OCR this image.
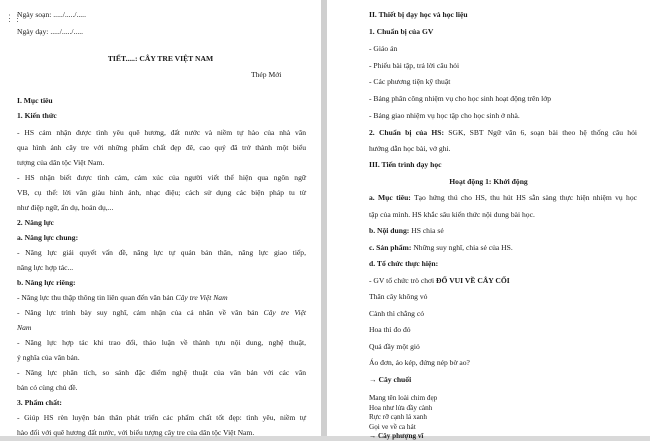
⋮⋮
Ngày soạn: ...../...../.....
Ngày dạy: ...../...../.....
TIẾT.....: CÂY TRE VIỆT NAM
Thép Mới
I. Mục tiêu
1. Kiến thức
- HS cảm nhận được tình yêu quê hương, đất nước và niềm tự hào của nhà văn
qua hình ảnh cây tre với những phẩm chất đẹp đẽ, cao quý đã trở thành một biểu
tượng của dân tộc Việt Nam.
- HS nhận biết được tình cảm, cảm xúc của người viết thể hiện qua ngôn ngữ
VB, cụ thể: lời văn giàu hình ảnh, nhạc điệu; cách sử dụng các biện pháp tu từ
như điệp ngữ, ẩn dụ, hoán dụ,...
2. Năng lực
a. Năng lực chung:
- Năng lực giải quyết vấn đề, năng lực tự quản bản thân, năng lực giao tiếp,
năng lực hợp tác...
b. Năng lực riêng:
- Năng lực thu thập thông tin liên quan đến văn bản Cây tre Việt Nam
- Năng lực trình bày suy nghĩ, cảm nhận của cá nhân về văn bản Cây tre Việt
Nam
- Năng lực hợp tác khi trao đổi, thảo luận về thành tựu nội dung, nghệ thuật,
ý nghĩa của văn bản.
- Năng lực phân tích, so sánh đặc điểm nghệ thuật của văn bản với các văn
bản có cùng chủ đề.
3. Phẩm chất:
- Giúp HS rèn luyện bản thân phát triển các phẩm chất tốt đẹp: tình yêu, niềm tự
hào đối với quê hương đất nước, với biểu tượng cây tre của dân tộc Việt Nam.
II. Thiết bị dạy học và học liệu
1. Chuẩn bị của GV
- Giáo án
- Phiếu bài tập, trả lời câu hỏi
- Các phương tiện kỹ thuật
- Bảng phân công nhiệm vụ cho học sinh hoạt động trên lớp
- Bảng giao nhiệm vụ học tập cho học sinh ở nhà.
2. Chuẩn bị của HS: SGK, SBT Ngữ văn 6, soạn bài theo hệ thống câu hỏi
hướng dẫn học bài, vở ghi.
III. Tiến trình dạy học
Hoạt động 1: Khởi động
a. Mục tiêu: Tạo hứng thú cho HS, thu hút HS sẵn sàng thực hiện nhiệm vụ học
tập của mình. HS khắc sâu kiến thức nội dung bài học.
b. Nội dung: HS chia sẻ
c. Sản phẩm: Những suy nghĩ, chia sẻ của HS.
d. Tổ chức thực hiện:
- GV tổ chức trò chơi ĐỐ VUI VỀ CÂY CỐI
Thân cây không vỏ
Cành thì chẳng có
Hoa thì đo đỏ
Quả đầy một giỏ
Áo đơn, áo kép, đứng nép bờ ao?
→ Cây chuối
Mang tên loài chim đẹp
Hoa như lửa đầy cành
Rực rỡ cạnh lá xanh
Gọi ve về ca hát
→ Cây phượng vĩ
